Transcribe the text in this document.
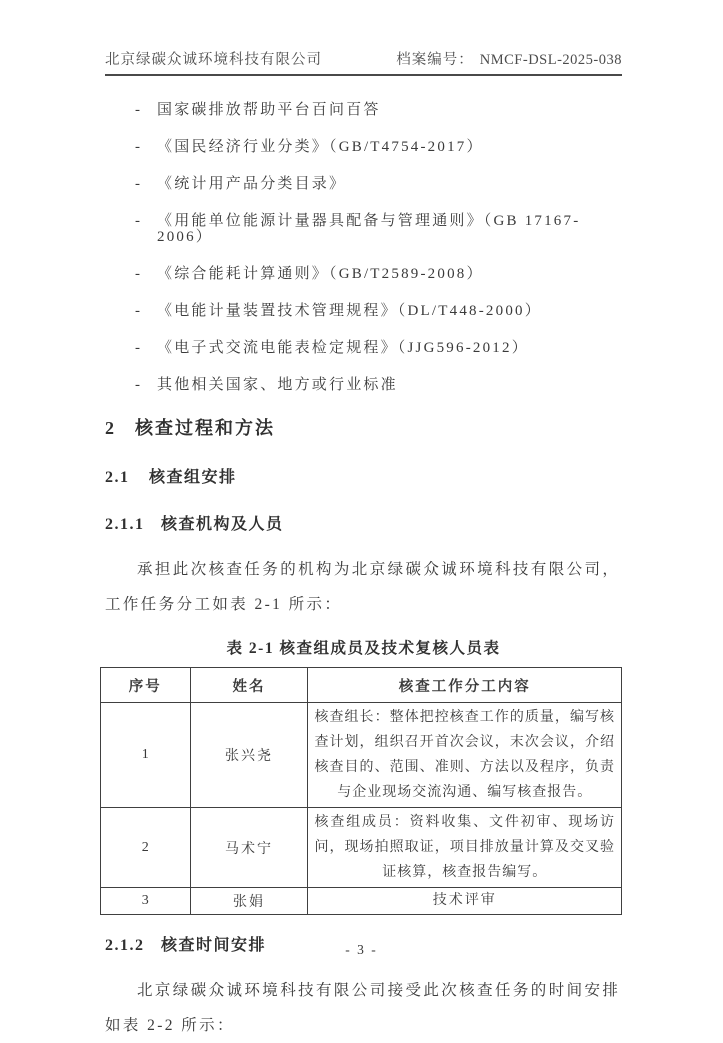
北京绿碳众诚环境科技有限公司	档案编号： NMCF-DSL-2025-038
- 国家碳排放帮助平台百问百答
- 《国民经济行业分类》（GB/T4754-2017）
- 《统计用产品分类目录》
- 《用能单位能源计量器具配备与管理通则》（GB 17167-2006）
- 《综合能耗计算通则》（GB/T2589-2008）
- 《电能计量装置技术管理规程》（DL/T448-2000）
- 《电子式交流电能表检定规程》（JJG596-2012）
- 其他相关国家、地方或行业标准
2 核查过程和方法
2.1 核查组安排
2.1.1 核查机构及人员
承担此次核查任务的机构为北京绿碳众诚环境科技有限公司，
工作任务分工如表 2-1 所示：
表 2-1 核查组成员及技术复核人员表
序号	姓名	核查工作分工内容
1	张兴尧	核查组长：整体把控核查工作的质量，编写核查计划，组织召开首次会议，末次会议，介绍核查目的、范围、准则、方法以及程序，负责与企业现场交流沟通、编写核查报告。
2	马术宁	核查组成员：资料收集、文件初审、现场访问，现场拍照取证，项目排放量计算及交叉验证核算，核查报告编写。
3	张娟	技术评审
2.1.2 核查时间安排
北京绿碳众诚环境科技有限公司接受此次核查任务的时间安排
如表 2-2 所示：
- 3 -
